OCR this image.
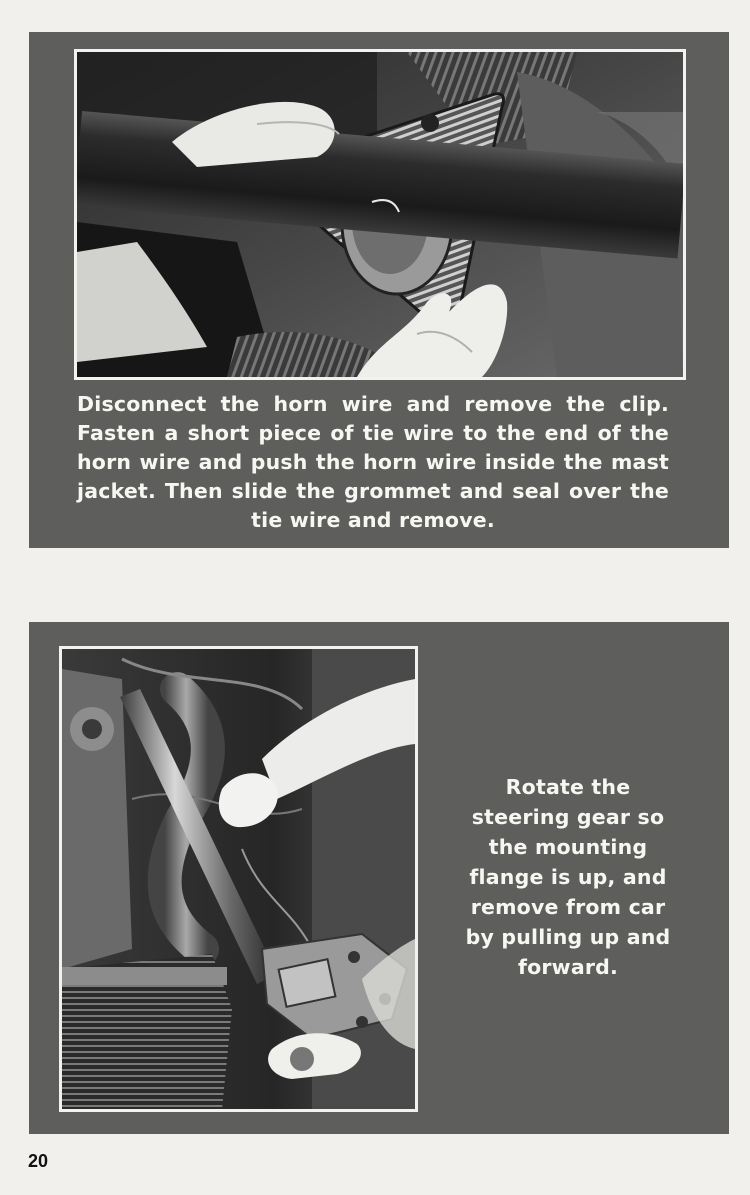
Disconnect the horn wire and remove the clip. Fasten a short piece of tie wire to the end of the horn wire and push the horn wire inside the mast jacket. Then slide the grommet and seal over the tie wire and remove.
Rotate the steering gear so the mounting flange is up, and remove from car by pulling up and forward.
20
